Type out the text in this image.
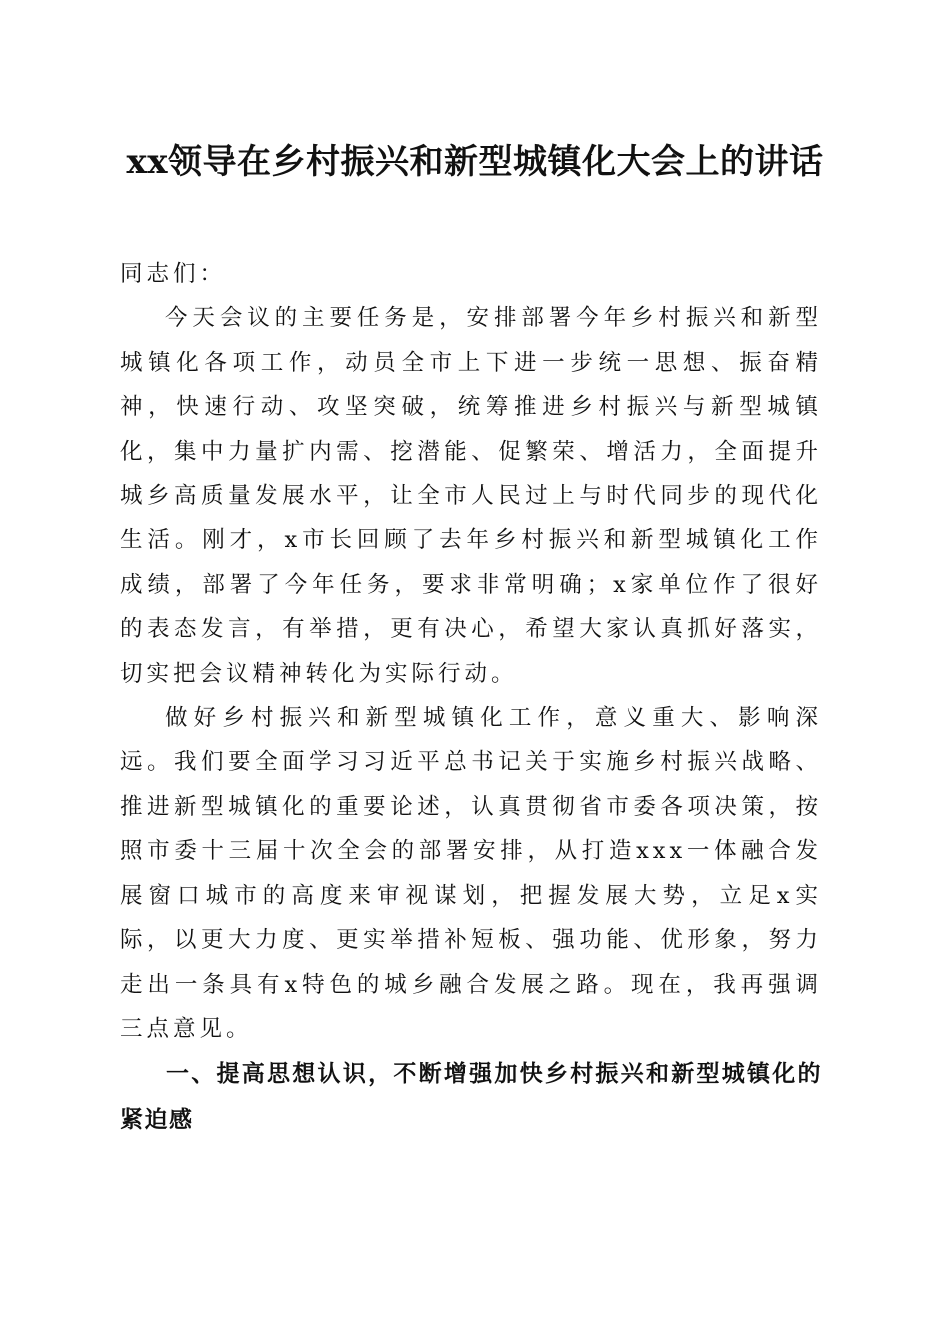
xx领导在乡村振兴和新型城镇化大会上的讲话

同志们：

今天会议的主要任务是，安排部署今年乡村振兴和新型城镇化各项工作，动员全市上下进一步统一思想、振奋精神，快速行动、攻坚突破，统筹推进乡村振兴与新型城镇化，集中力量扩内需、挖潜能、促繁荣、增活力，全面提升城乡高质量发展水平，让全市人民过上与时代同步的现代化生活。刚才，x市长回顾了去年乡村振兴和新型城镇化工作成绩，部署了今年任务，要求非常明确；x家单位作了很好的表态发言，有举措，更有决心，希望大家认真抓好落实，切实把会议精神转化为实际行动。

做好乡村振兴和新型城镇化工作，意义重大、影响深远。我们要全面学习习近平总书记关于实施乡村振兴战略、推进新型城镇化的重要论述，认真贯彻省市委各项决策，按照市委十三届十次全会的部署安排，从打造xxx一体融合发展窗口城市的高度来审视谋划，把握发展大势，立足x实际，以更大力度、更实举措补短板、强功能、优形象，努力走出一条具有x特色的城乡融合发展之路。现在，我再强调三点意见。

一、提高思想认识，不断增强加快乡村振兴和新型城镇化的紧迫感
